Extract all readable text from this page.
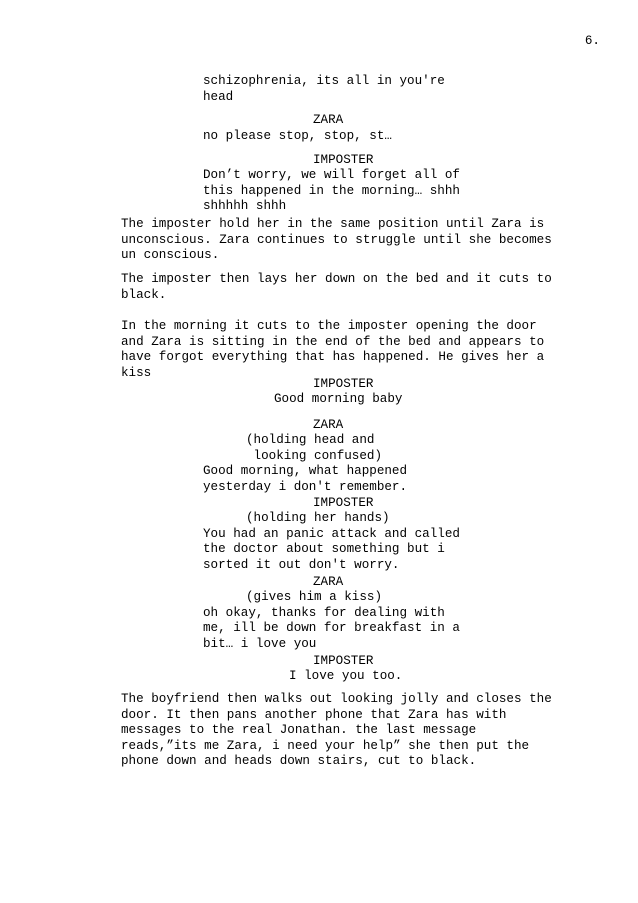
6.

schizophrenia, its all in you're
head

ZARA

no please stop, stop, st…

IMPOSTER

Don’t worry, we will forget all of
this happened in the morning… shhh
shhhhh shhh

The imposter hold her in the same position until Zara is
unconscious. Zara continues to struggle until she becomes
un conscious.

The imposter then lays her down on the bed and it cuts to
black.

In the morning it cuts to the imposter opening the door
and Zara is sitting in the end of the bed and appears to
have forgot everything that has happened. He gives her a
kiss

IMPOSTER

Good morning baby

ZARA

(holding head and
looking confused)

Good morning, what happened
yesterday i don't remember.

IMPOSTER

(holding her hands)

You had an panic attack and called
the doctor about something but i
sorted it out don't worry.

ZARA

(gives him a kiss)

oh okay, thanks for dealing with
me, ill be down for breakfast in a
bit… i love you

IMPOSTER

I love you too.

The boyfriend then walks out looking jolly and closes the
door. It then pans another phone that Zara has with
messages to the real Jonathan. the last message
reads,”its me Zara, i need your help” she then put the
phone down and heads down stairs, cut to black.
